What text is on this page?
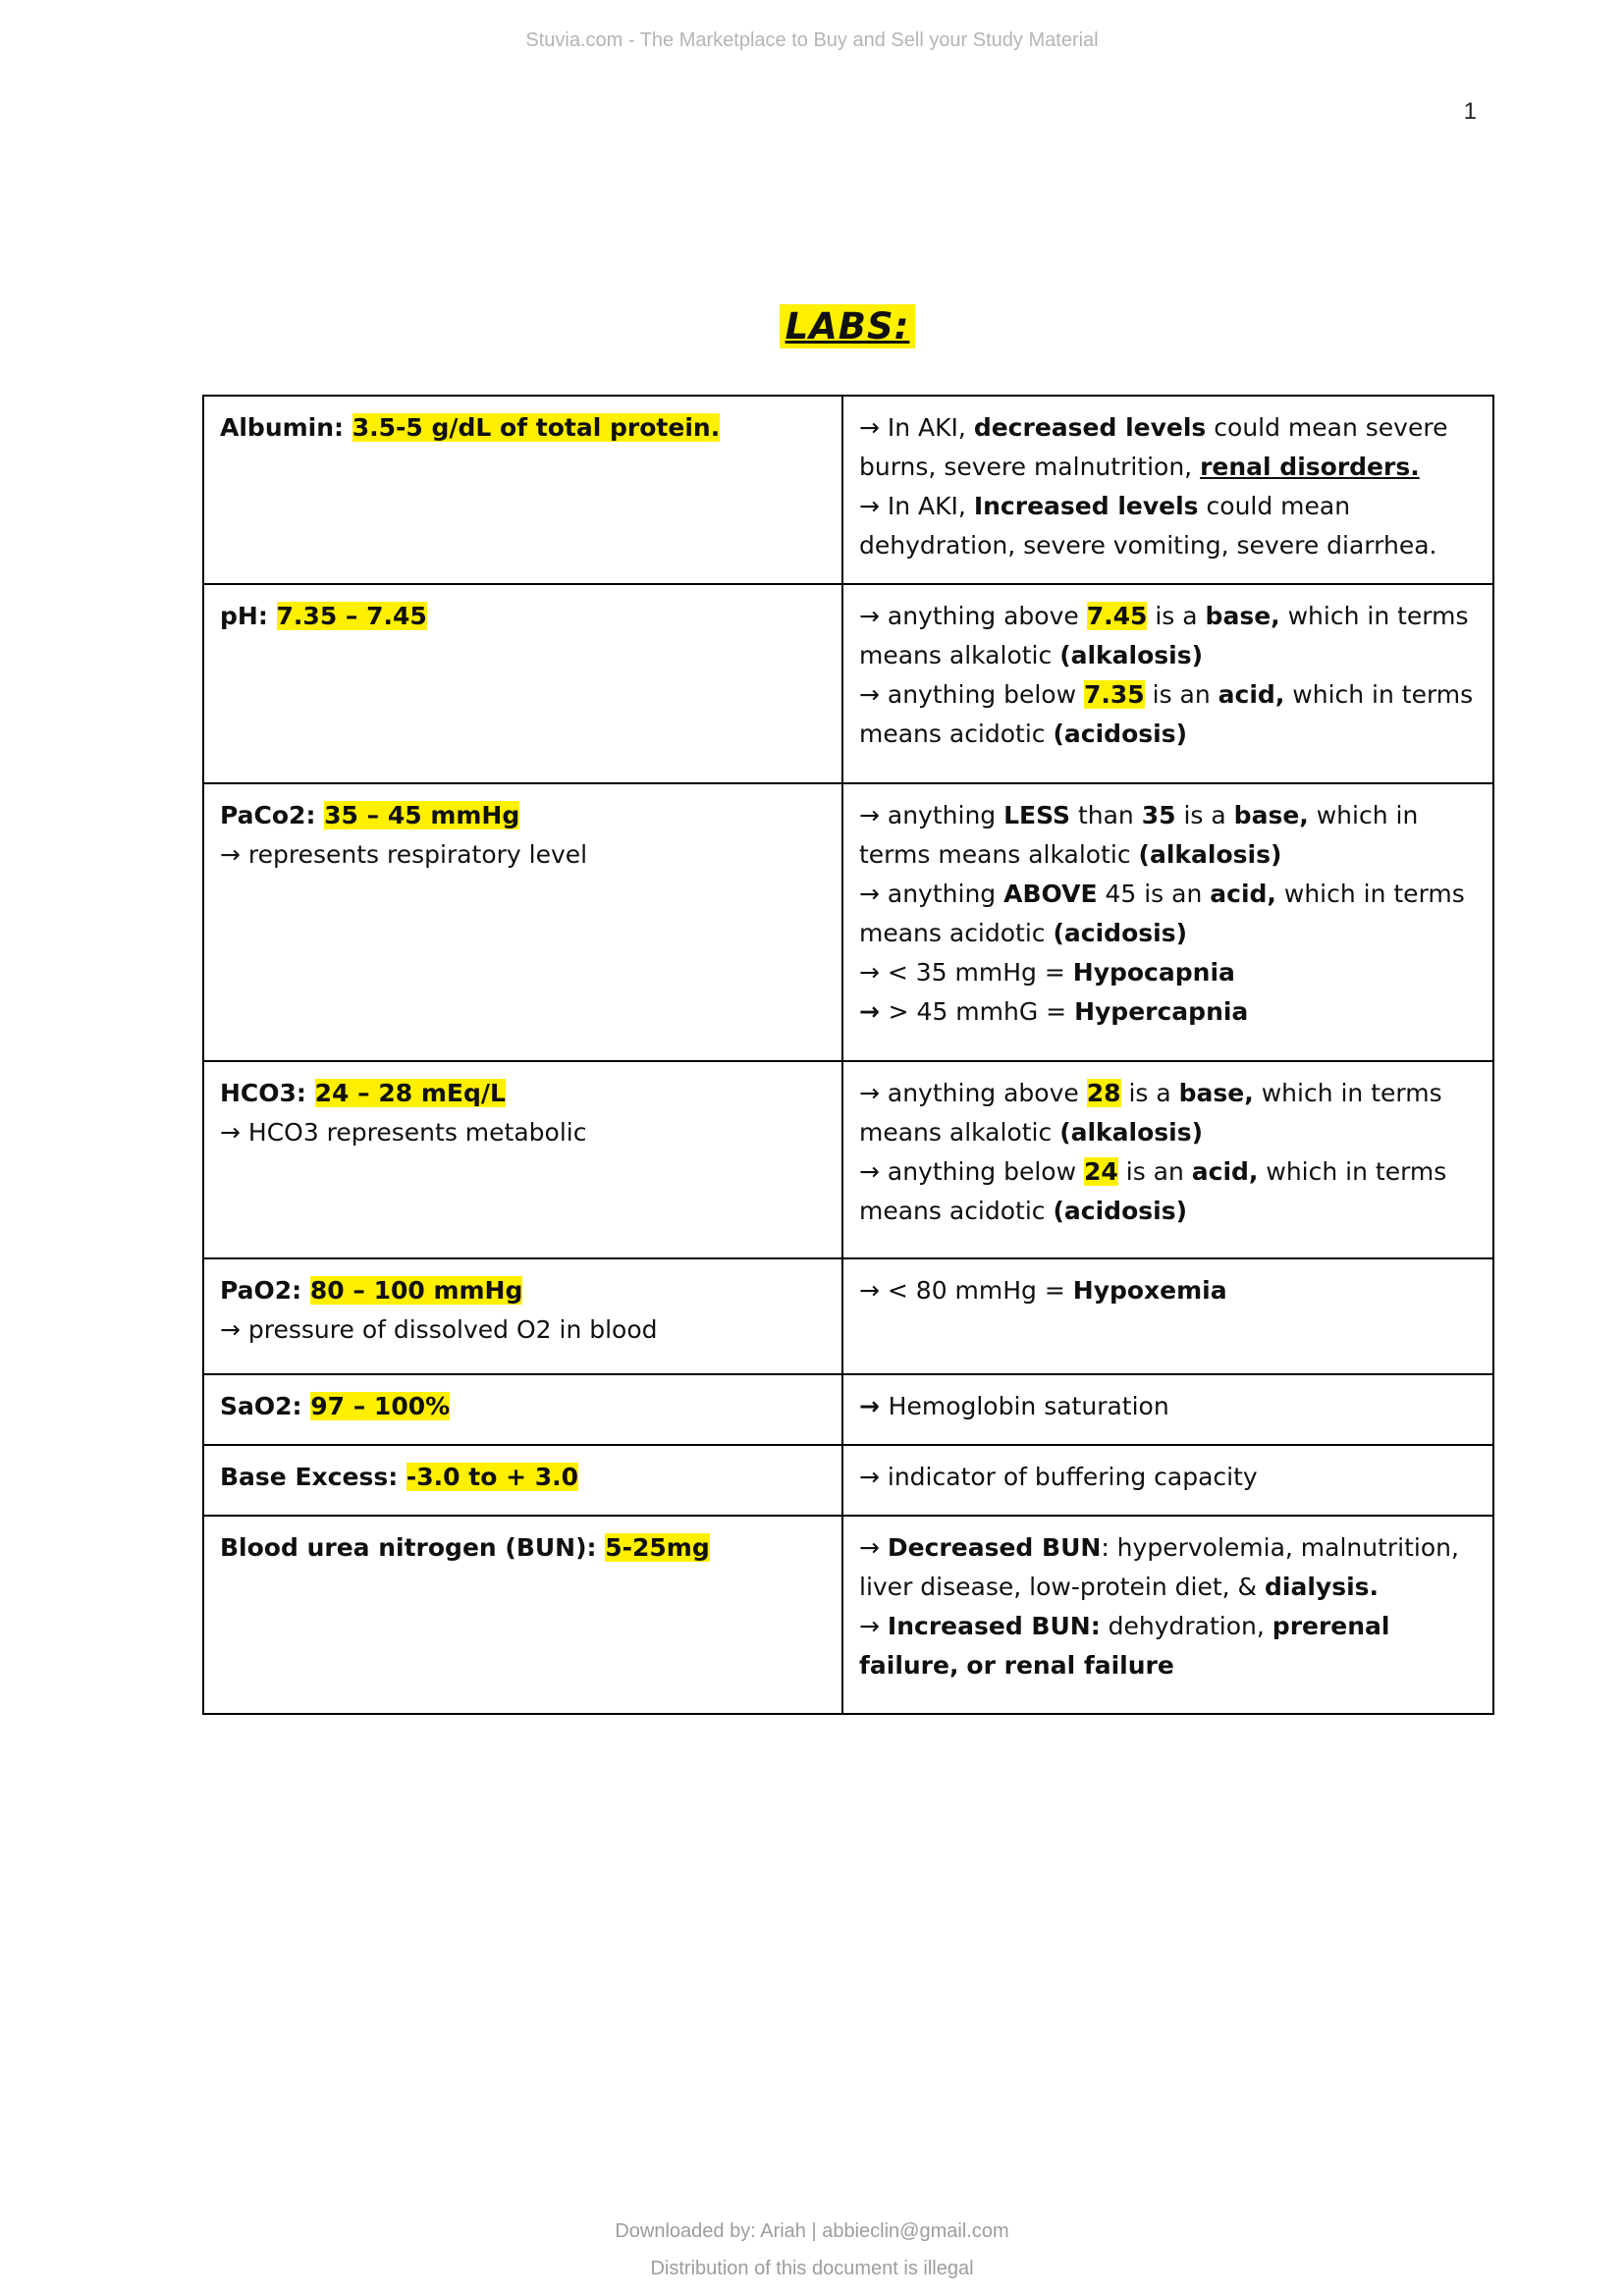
Stuvia.com - The Marketplace to Buy and Sell your Study Material
1
LABS:
Albumin: 3.5-5 g/dL of total protein.	→ In AKI, decreased levels could mean severe burns, severe malnutrition, renal disorders.
→ In AKI, Increased levels could mean dehydration, severe vomiting, severe diarrhea.
pH: 7.35 – 7.45	→ anything above 7.45 is a base, which in terms means alkalotic (alkalosis)
→ anything below 7.35 is an acid, which in terms means acidotic (acidosis)
PaCo2: 35 – 45 mmHg
→ represents respiratory level	→ anything LESS than 35 is a base, which in terms means alkalotic (alkalosis)
→ anything ABOVE 45 is an acid, which in terms means acidotic (acidosis)
→ < 35 mmHg = Hypocapnia
→ > 45 mmhG = Hypercapnia
HCO3: 24 – 28 mEq/L
→ HCO3 represents metabolic	→ anything above 28 is a base, which in terms means alkalotic (alkalosis)
→ anything below 24 is an acid, which in terms means acidotic (acidosis)
PaO2: 80 – 100 mmHg
→ pressure of dissolved O2 in blood	→ < 80 mmHg = Hypoxemia
SaO2: 97 – 100%	→ Hemoglobin saturation
Base Excess: -3.0 to + 3.0	→ indicator of buffering capacity
Blood urea nitrogen (BUN): 5-25mg	→ Decreased BUN: hypervolemia, malnutrition, liver disease, low-protein diet, & dialysis.
→ Increased BUN: dehydration, prerenal failure, or renal failure
Downloaded by: Ariah | abbieclin@gmail.com
Distribution of this document is illegal
